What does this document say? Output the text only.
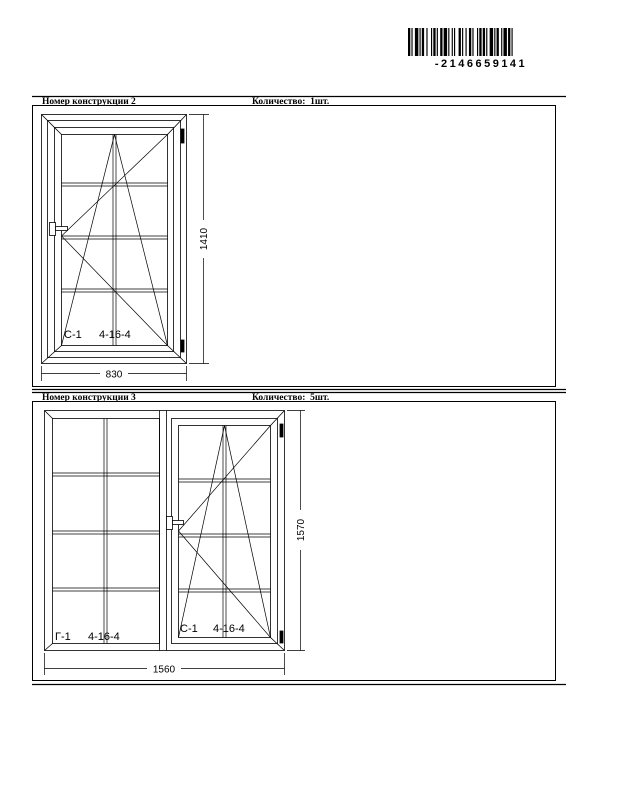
-2146659141
Номер конструкции 2	Количество: 1шт.
Номер конструкции 3	Количество: 5шт.
С-1 4-16-4
830
1410
Г-1 4-16-4
С-1 4-16-4
1560
1570
